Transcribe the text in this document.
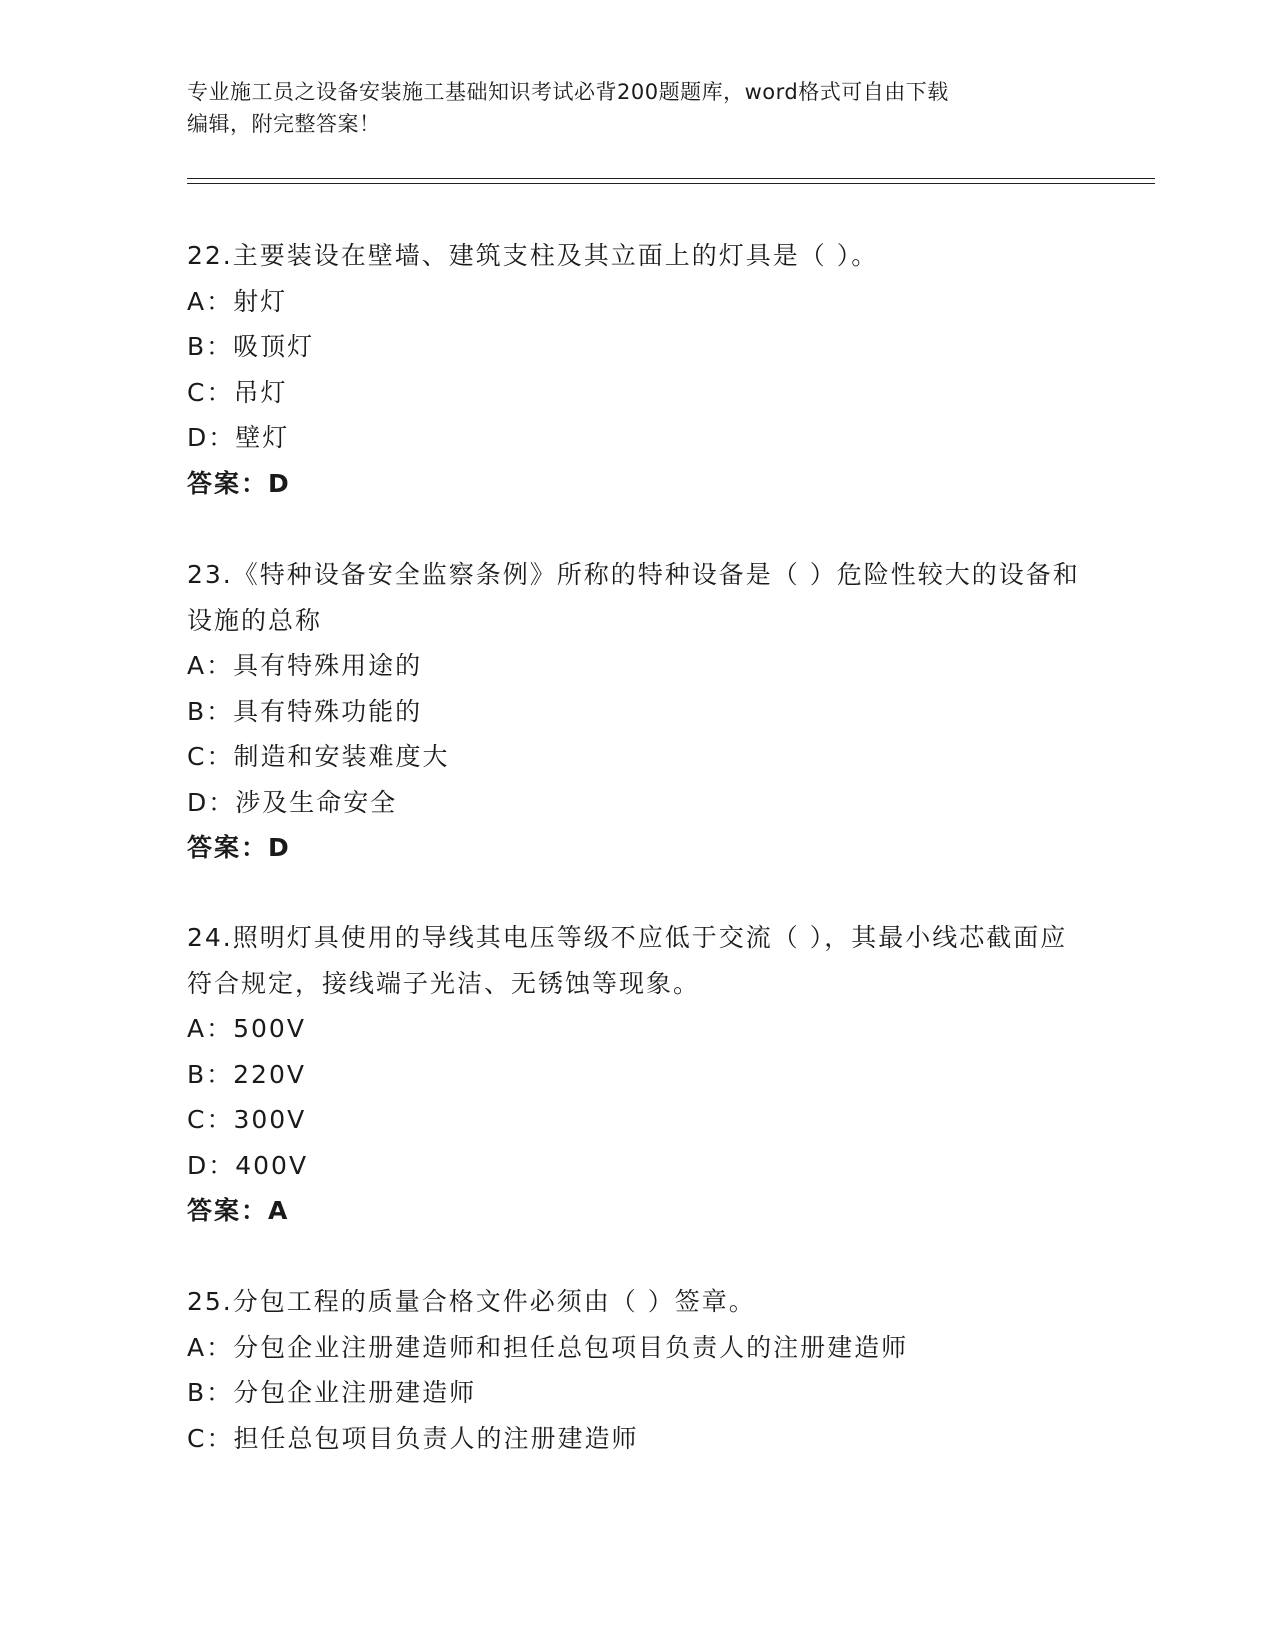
专业施工员之设备安装施工基础知识考试必背200题题库，word格式可自由下载
编辑，附完整答案！
22.主要装设在壁墙、建筑支柱及其立面上的灯具是（ ）。
A：射灯
B：吸顶灯
C：吊灯
D：壁灯
答案：D
23.《特种设备安全监察条例》所称的特种设备是（ ）危险性较大的设备和设施的总称
A：具有特殊用途的
B：具有特殊功能的
C：制造和安装难度大
D：涉及生命安全
答案：D
24.照明灯具使用的导线其电压等级不应低于交流（ ），其最小线芯截面应符合规定，接线端子光洁、无锈蚀等现象。
A：500V
B：220V
C：300V
D：400V
答案：A
25.分包工程的质量合格文件必须由（ ）签章。
A：分包企业注册建造师和担任总包项目负责人的注册建造师
B：分包企业注册建造师
C：担任总包项目负责人的注册建造师
